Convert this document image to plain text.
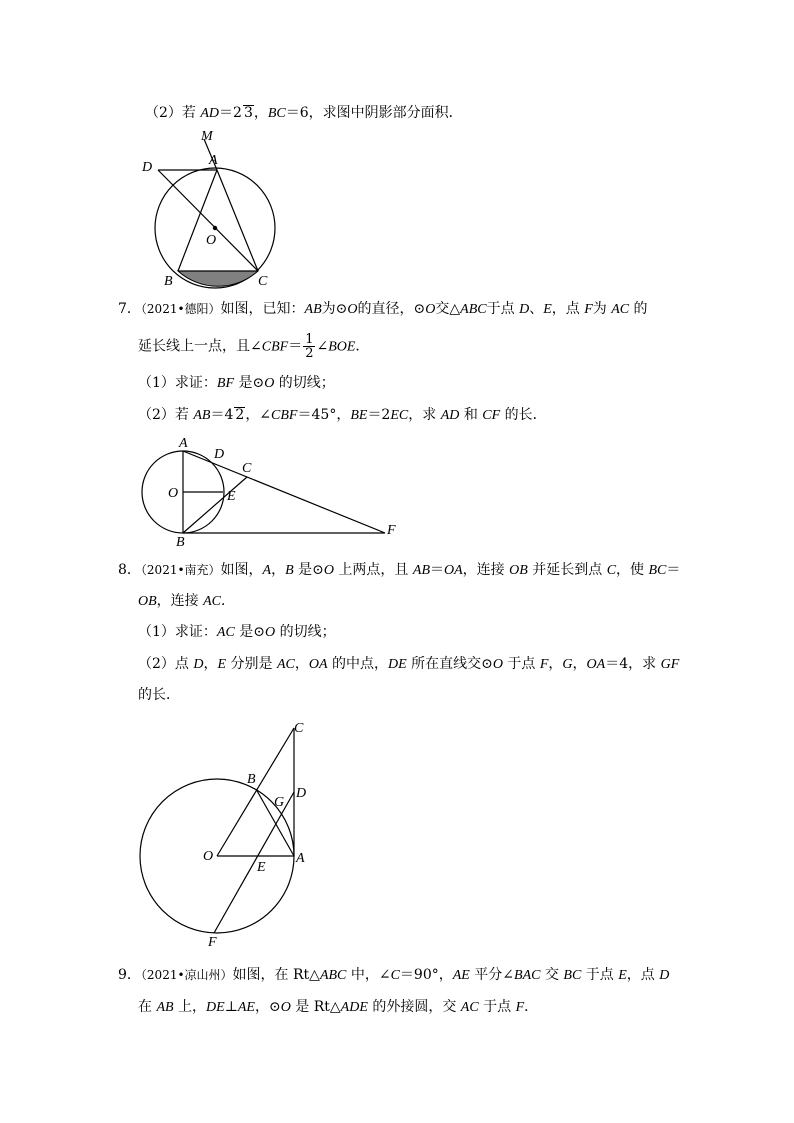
（2）若 AD＝2 3，BC＝6，求图中阴影部分面积．
M
D	A
O
B	C
7．（2021•德阳）如图，已知：AB为⊙O的直径，⊙O交△ABC于点 D、E，点 F为 AC 的
延长线上一点，且∠CBF＝ $\frac{1}{2}$ ∠BOE．
（1）求证：BF 是⊙O 的切线；
（2）若 AB＝4 2，∠CBF＝45°，BE＝2EC，求 AD 和 CF 的长．
A
D
C
O	E
B
F
8．（2021•南充）如图，A，B 是⊙O 上两点，且 AB＝OA，连接 OB 并延长到点 C，使 BC＝
OB，连接 AC．
（1）求证：AC 是⊙O 的切线；
（2）点 D，E 分别是 AC，OA 的中点，DE 所在直线交⊙O 于点 F，G，OA＝4，求 GF
的长．
C
B
G
D
O
E
A
F
9．（2021•凉山州）如图，在 Rt△ABC 中，∠C＝90°，AE 平分∠BAC 交 BC 于点 E，点 D
在 AB 上，DE⊥AE，⊙O 是 Rt△ADE 的外接圆，交 AC 于点 F．
